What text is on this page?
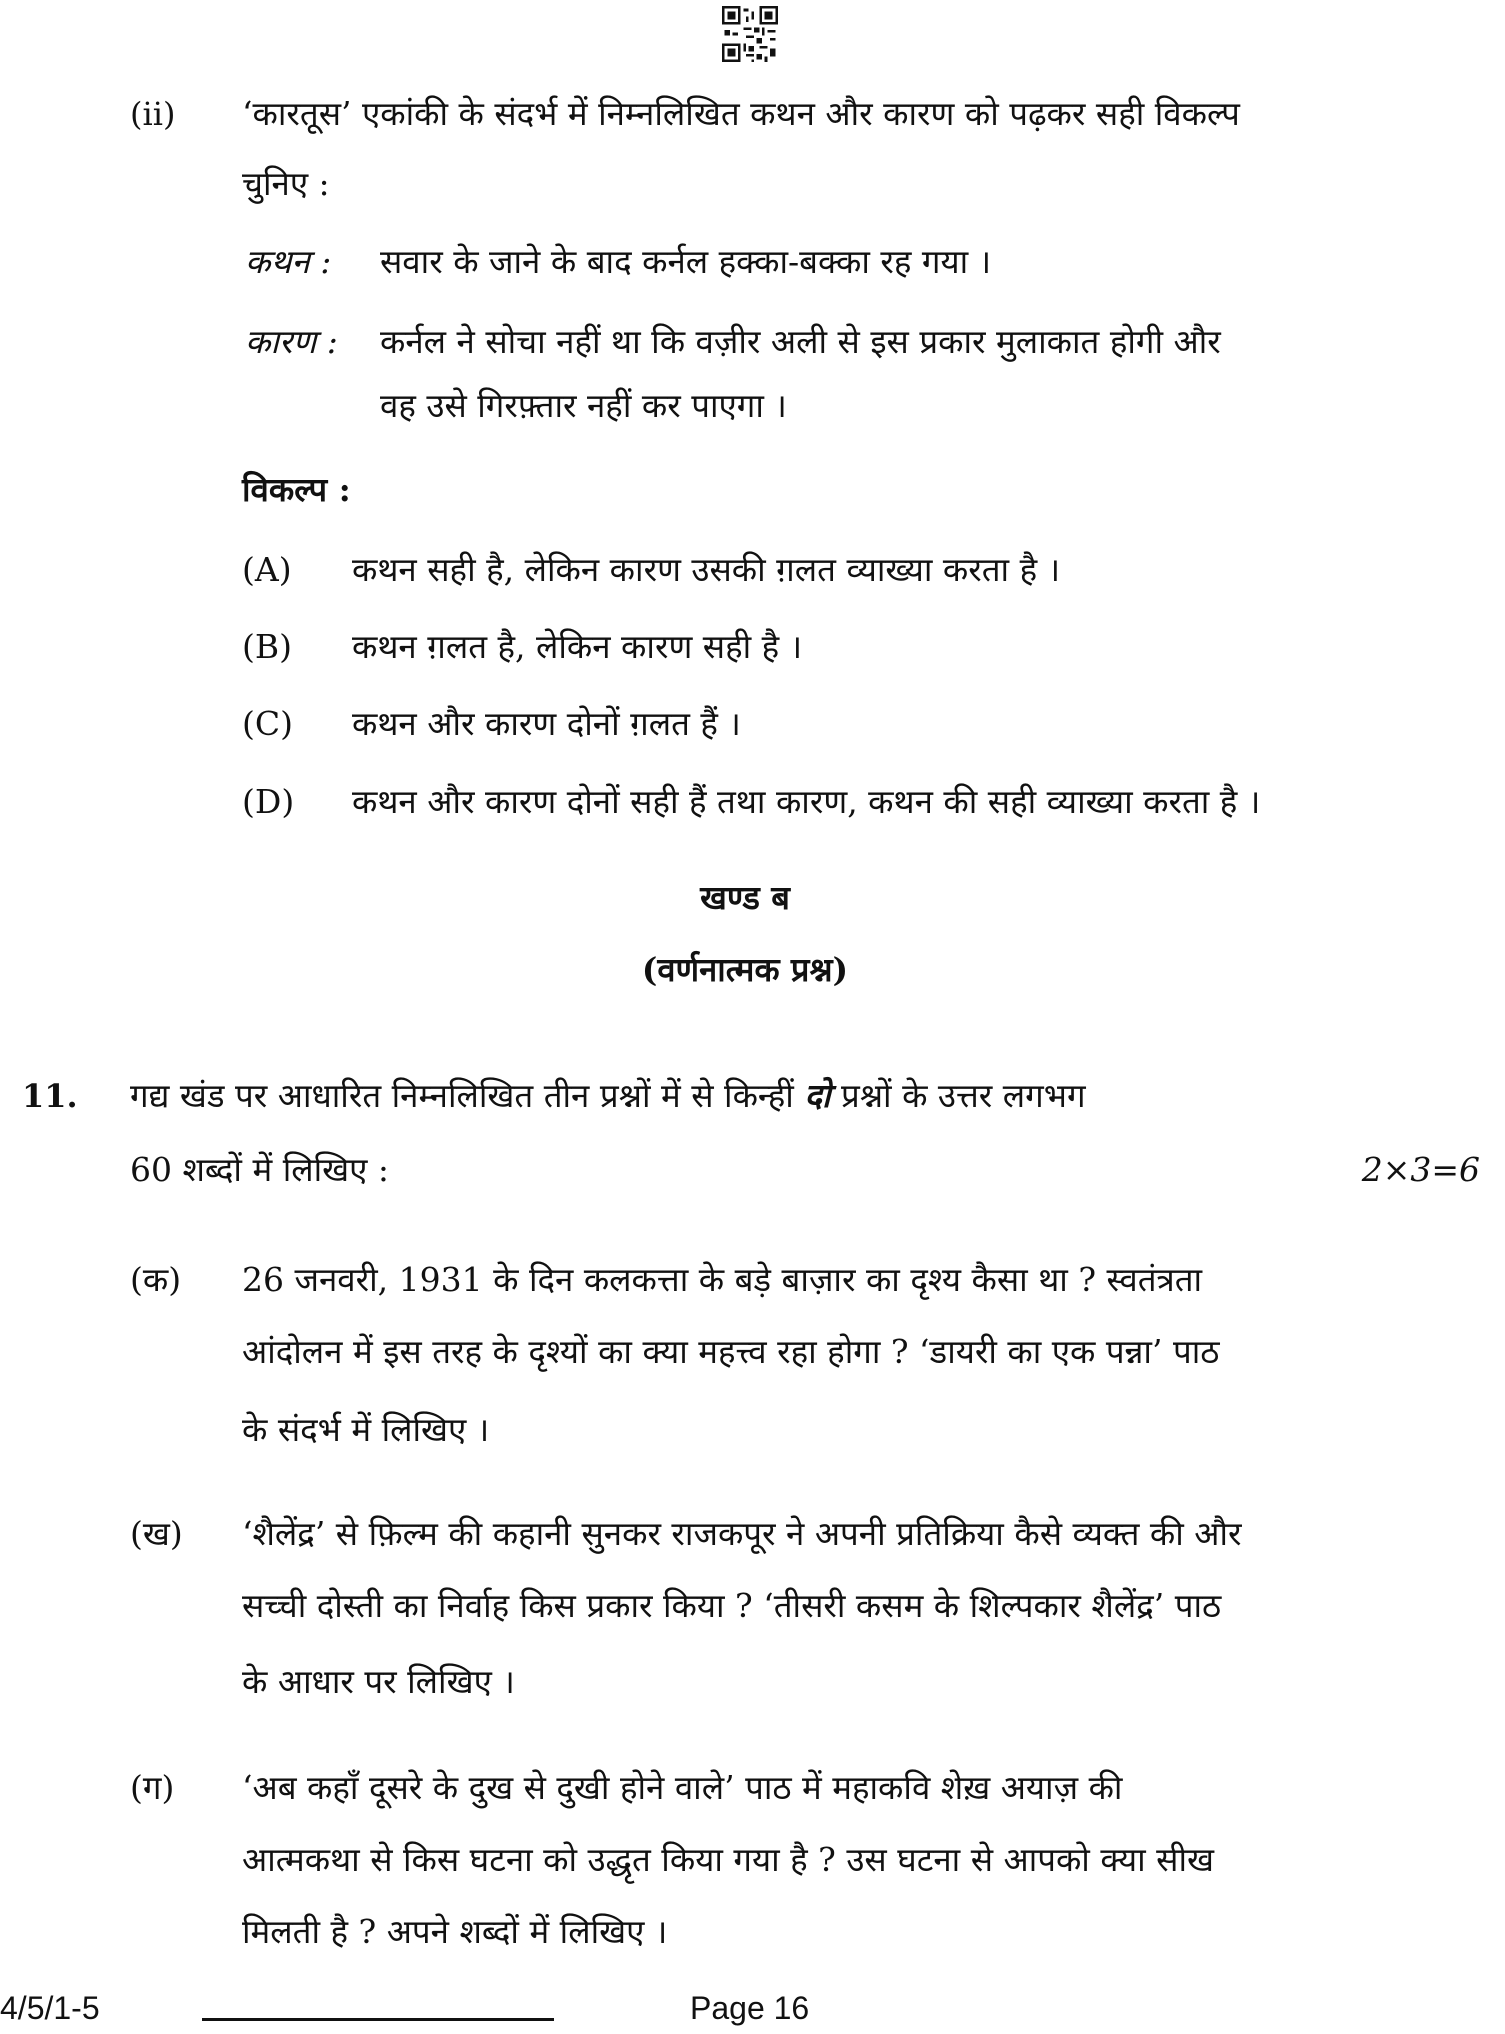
(ii) ‘कारतूस’ एकांकी के संदर्भ में निम्नलिखित कथन और कारण को पढ़कर सही विकल्प
चुनिए :
कथन : सवार के जाने के बाद कर्नल हक्का-बक्का रह गया ।
कारण : कर्नल ने सोचा नहीं था कि वज़ीर अली से इस प्रकार मुलाकात होगी और
वह उसे गिरफ़्तार नहीं कर पाएगा ।
विकल्प :
(A) कथन सही है, लेकिन कारण उसकी ग़लत व्याख्या करता है ।
(B) कथन ग़लत है, लेकिन कारण सही है ।
(C) कथन और कारण दोनों ग़लत हैं ।
(D) कथन और कारण दोनों सही हैं तथा कारण, कथन की सही व्याख्या करता है ।
खण्ड ब
(वर्णनात्मक प्रश्न)
11. गद्य खंड पर आधारित निम्नलिखित तीन प्रश्नों में से किन्हीं दो प्रश्नों के उत्तर लगभग
60 शब्दों में लिखिए :	2×3=6
(क) 26 जनवरी, 1931 के दिन कलकत्ता के बड़े बाज़ार का दृश्य कैसा था ? स्वतंत्रता
आंदोलन में इस तरह के दृश्यों का क्या महत्त्व रहा होगा ? ‘डायरी का एक पन्ना’ पाठ
के संदर्भ में लिखिए ।
(ख) ‘शैलेंद्र’ से फ़िल्म की कहानी सुनकर राजकपूर ने अपनी प्रतिक्रिया कैसे व्यक्त की और
सच्ची दोस्ती का निर्वाह किस प्रकार किया ? ‘तीसरी कसम के शिल्पकार शैलेंद्र’ पाठ
के आधार पर लिखिए ।
(ग) ‘अब कहाँ दूसरे के दुख से दुखी होने वाले’ पाठ में महाकवि शेख़ अयाज़ की
आत्मकथा से किस घटना को उद्धृत किया गया है ? उस घटना से आपको क्या सीख
मिलती है ? अपने शब्दों में लिखिए ।
4/5/1-5	Page 16
